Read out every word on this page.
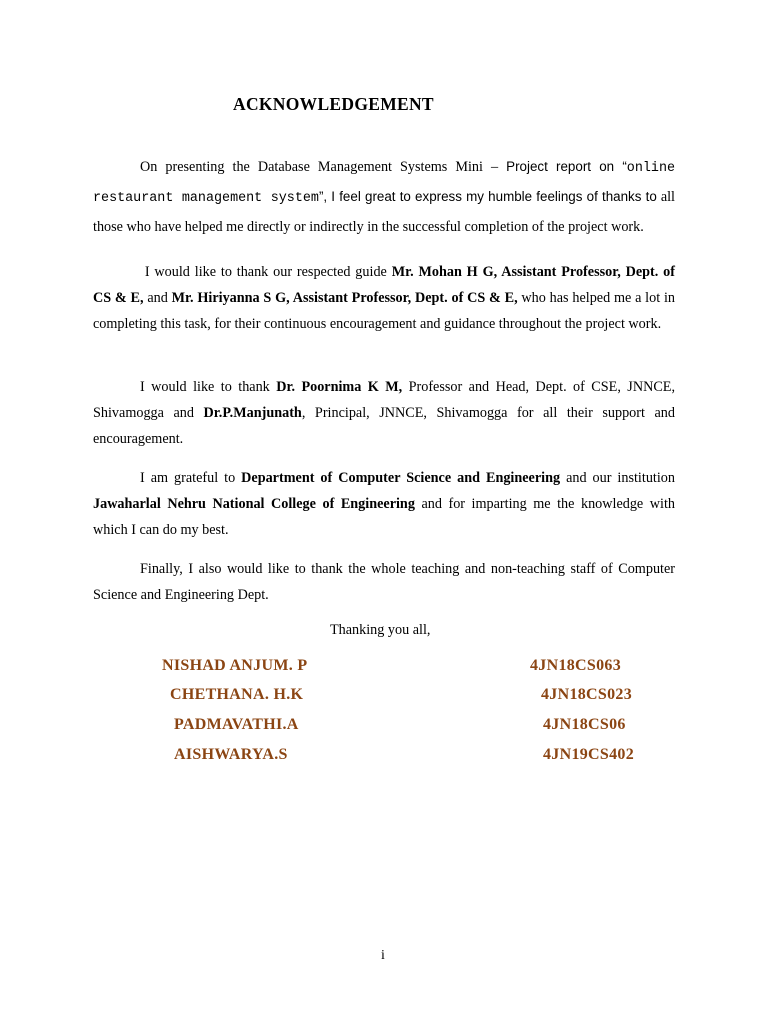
ACKNOWLEDGEMENT

On presenting the Database Management Systems Mini – Project report on “online restaurant management system”, I feel great to express my humble feelings of thanks to all those who have helped me directly or indirectly in the successful completion of the project work.

I would like to thank our respected guide Mr. Mohan H G, Assistant Professor, Dept. of CS & E, and Mr. Hiriyanna S G, Assistant Professor, Dept. of CS & E, who has helped me a lot in completing this task, for their continuous encouragement and guidance throughout the project work.

I would like to thank Dr. Poornima K M, Professor and Head, Dept. of CSE, JNNCE, Shivamogga and Dr.P.Manjunath, Principal, JNNCE, Shivamogga for all their support and encouragement.

I am grateful to Department of Computer Science and Engineering and our institution Jawaharlal Nehru National College of Engineering and for imparting me the knowledge with which I can do my best.

Finally, I also would like to thank the whole teaching and non-teaching staff of Computer Science and Engineering Dept.

Thanking you all,
NISHAD ANJUM. P	4JN18CS063
CHETHANA. H.K	4JN18CS023
PADMAVATHI.A	4JN18CS06
AISHWARYA.S	4JN19CS402
i
